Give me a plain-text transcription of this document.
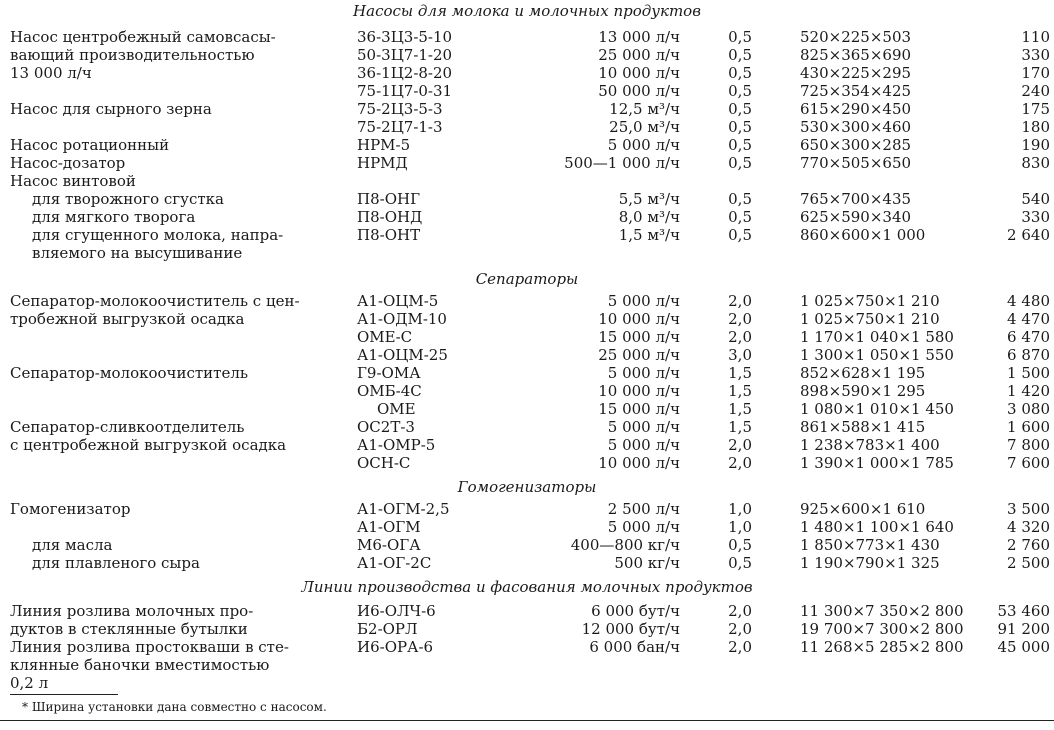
Насосы для молока и молочных продуктов
Насос центробежный самовсасы-	36-3Ц3-5-10	13 000 л/ч	0,5	520×225×503	110
вающий производительностью	50-3Ц7-1-20	25 000 л/ч	0,5	825×365×690	330
13 000 л/ч	36-1Ц2-8-20	10 000 л/ч	0,5	430×225×295	170
75-1Ц7-0-31	50 000 л/ч	0,5	725×354×425	240
Насос для сырного зерна	75-2Ц3-5-3	12,5 м³/ч	0,5	615×290×450	175
75-2Ц7-1-3	25,0 м³/ч	0,5	530×300×460	180
Насос ротационный	НРМ-5	5 000 л/ч	0,5	650×300×285	190
Насос-дозатор	НРМД	500—1 000 л/ч	0,5	770×505×650	830
Насос винтовой
для творожного сгустка	П8-ОНГ	5,5 м³/ч	0,5	765×700×435	540
для мягкого творога	П8-ОНД	8,0 м³/ч	0,5	625×590×340	330
для сгущенного молока, напра-	П8-ОНТ	1,5 м³/ч	0,5	860×600×1 000	2 640
вляемого на высушивание
Сепараторы
Сепаратор-молокоочиститель с цен-	А1-ОЦМ-5	5 000 л/ч	2,0	1 025×750×1 210	4 480
тробежной выгрузкой осадка	А1-ОДМ-10	10 000 л/ч	2,0	1 025×750×1 210	4 470
ОМЕ-С	15 000 л/ч	2,0	1 170×1 040×1 580	6 470
А1-ОЦМ-25	25 000 л/ч	3,0	1 300×1 050×1 550	6 870
Сепаратор-молокоочиститель	Г9-ОМА	5 000 л/ч	1,5	852×628×1 195	1 500
ОМБ-4С	10 000 л/ч	1,5	898×590×1 295	1 420
ОМЕ	15 000 л/ч	1,5	1 080×1 010×1 450	3 080
Сепаратор-сливкоотделитель	ОС2Т-3	5 000 л/ч	1,5	861×588×1 415	1 600
с центробежной выгрузкой осадка	А1-ОМР-5	5 000 л/ч	2,0	1 238×783×1 400	7 800
ОСН-С	10 000 л/ч	2,0	1 390×1 000×1 785	7 600
Гомогенизаторы
Гомогенизатор	А1-ОГМ-2,5	2 500 л/ч	1,0	925×600×1 610	3 500
А1-ОГМ	5 000 л/ч	1,0	1 480×1 100×1 640	4 320
для масла	М6-ОГА	400—800 кг/ч	0,5	1 850×773×1 430	2 760
для плавленого сыра	А1-ОГ-2С	500 кг/ч	0,5	1 190×790×1 325	2 500
Линии производства и фасования молочных продуктов
Линия розлива молочных про-	И6-ОЛЧ-6	6 000 бут/ч	2,0	11 300×7 350×2 800	53 460
дуктов в стеклянные бутылки	Б2-ОРЛ	12 000 бут/ч	2,0	19 700×7 300×2 800	91 200
Линия розлива простокваши в сте-	И6-ОРА-6	6 000 бан/ч	2,0	11 268×5 285×2 800	45 000
клянные баночки вместимостью
0,2 л
* Ширина установки дана совместно с насосом.
